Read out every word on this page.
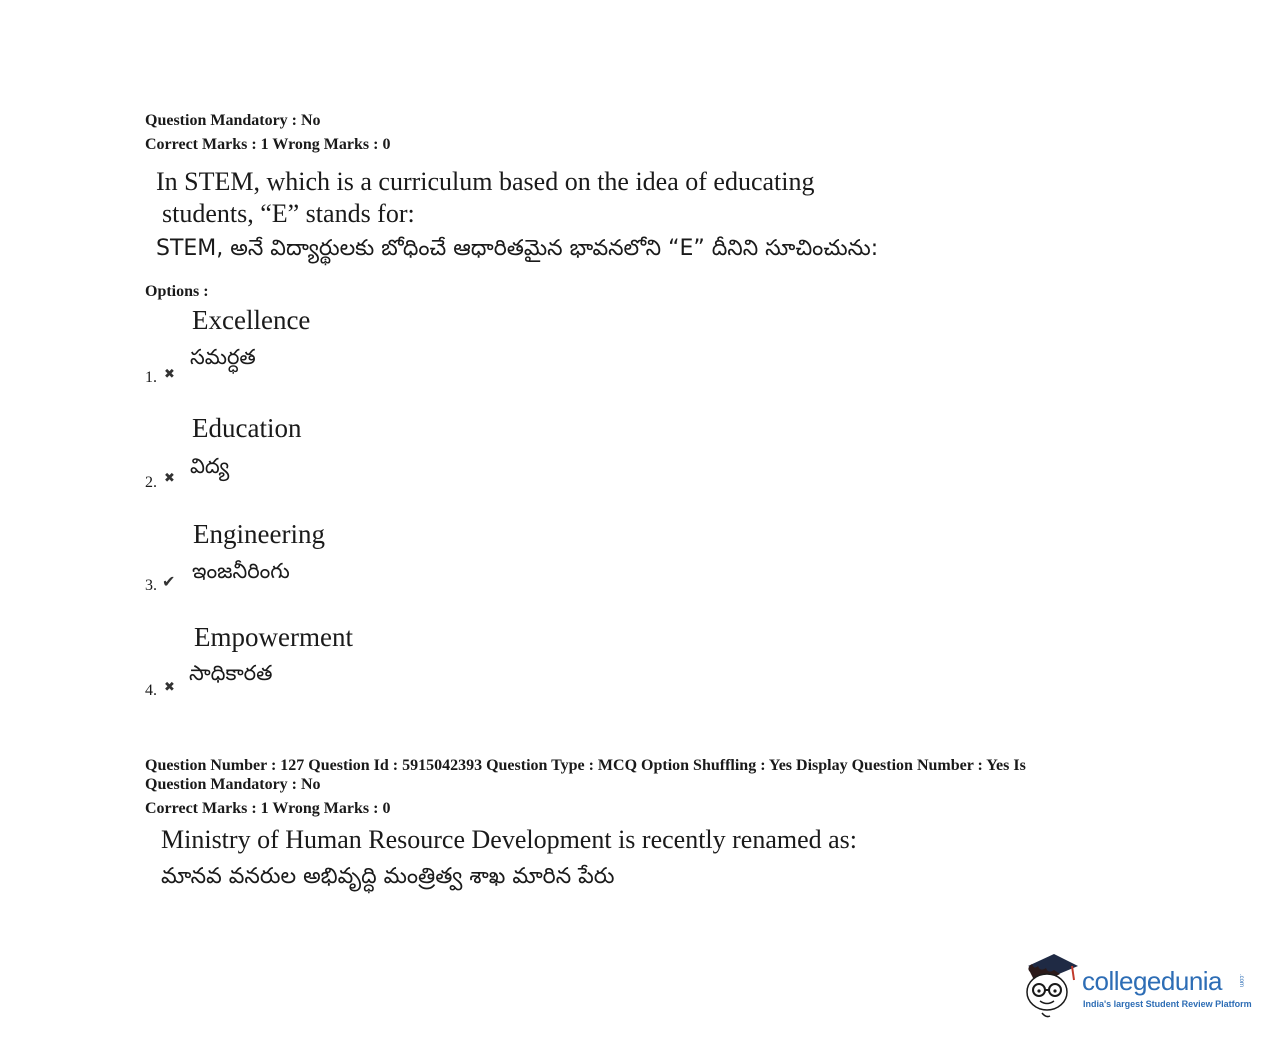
Question Mandatory : No
Correct Marks : 1 Wrong Marks : 0
In STEM, which is a curriculum based on the idea of educating
students, “E” stands for:
STEM, అనే విద్యార్థులకు బోధించే ఆధారితమైన భావనలోని “E” దీనిని సూచించును:
Options :
Excellence
సమర్ధత
1. ✖
Education
విద్య
2. ✖
Engineering
ఇంజనీరింగు
3. ✔
Empowerment
సాధికారత
4. ✖
Question Number : 127 Question Id : 5915042393 Question Type : MCQ Option Shuffling : Yes Display Question Number : Yes Is
Question Mandatory : No
Correct Marks : 1 Wrong Marks : 0
Ministry of Human Resource Development is recently renamed as:
మానవ వనరుల అభివృద్ధి మంత్రిత్వ శాఖ మారిన పేరు
collegedunia	.com
India's largest Student Review Platform
